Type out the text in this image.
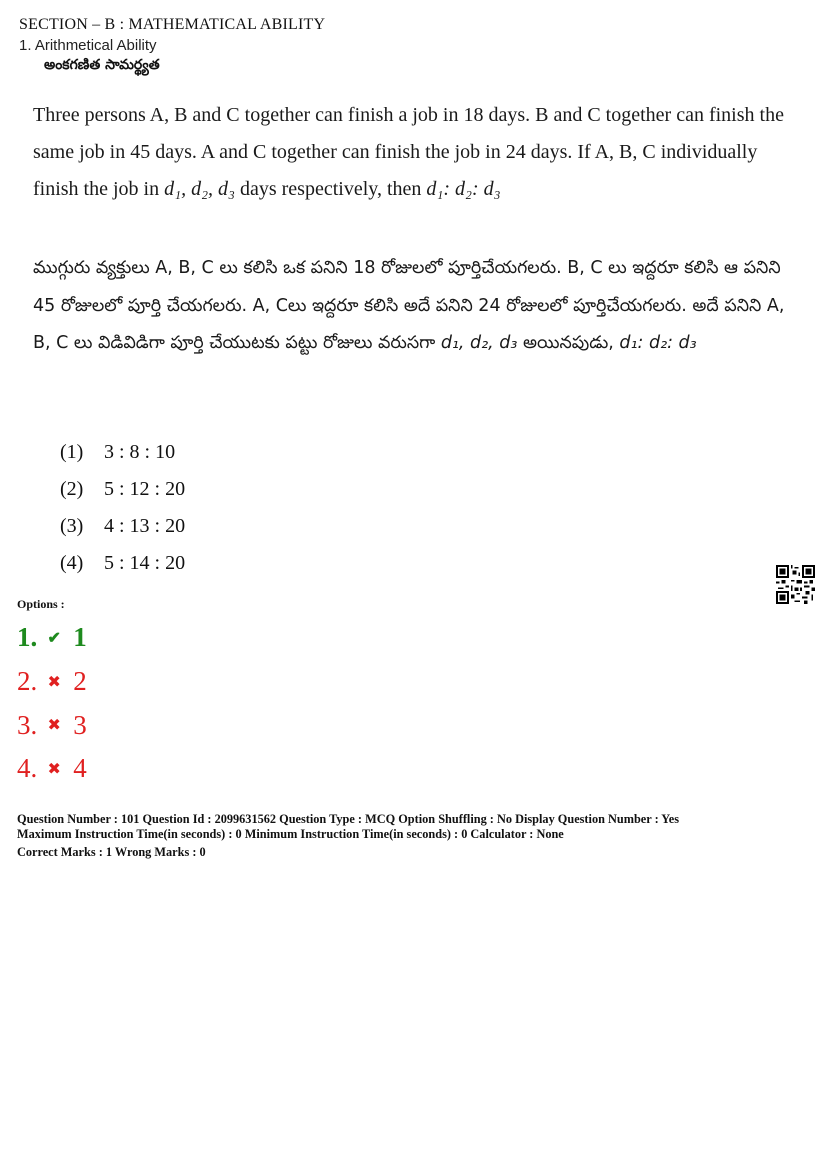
SECTION – B : MATHEMATICAL ABILITY
1. Arithmetical Ability
అంకగణిత సామర్థ్యత
Three persons A, B and C together can finish a job in 18 days. B and C together can finish the same job in 45 days. A and C together can finish the job in 24 days. If A, B, C individually finish the job in d₁, d₂, d₃ days respectively, then d₁: d₂: d₃
ముగ్గురు వ్యక్తులు A, B, C లు కలిసి ఒక పనిని 18 రోజులలో పూర్తిచేయగలరు. B, C లు ఇద్దరూ కలిసి ఆ పనిని 45 రోజులలో పూర్తి చేయగలరు. A, Cలు ఇద్దరూ కలిసి అదే పనిని 24 రోజులలో పూర్తిచేయగలరు. అదే పనిని A, B, C లు విడివిడిగా పూర్తి చేయుటకు పట్టు రోజులు వరుసగా d₁, d₂, d₃ అయినపుడు, d₁: d₂: d₃
(1)	3 : 8 : 10
(2)	5 : 12 : 20
(3)	4 : 13 : 20
(4)	5 : 14 : 20
Options :
1. ✔ 1
2. ✖ 2
3. ✖ 3
4. ✖ 4
Question Number : 101 Question Id : 2099631562 Question Type : MCQ Option Shuffling : No Display Question Number : Yes
Maximum Instruction Time(in seconds) : 0 Minimum Instruction Time(in seconds) : 0 Calculator : None
Correct Marks : 1 Wrong Marks : 0
